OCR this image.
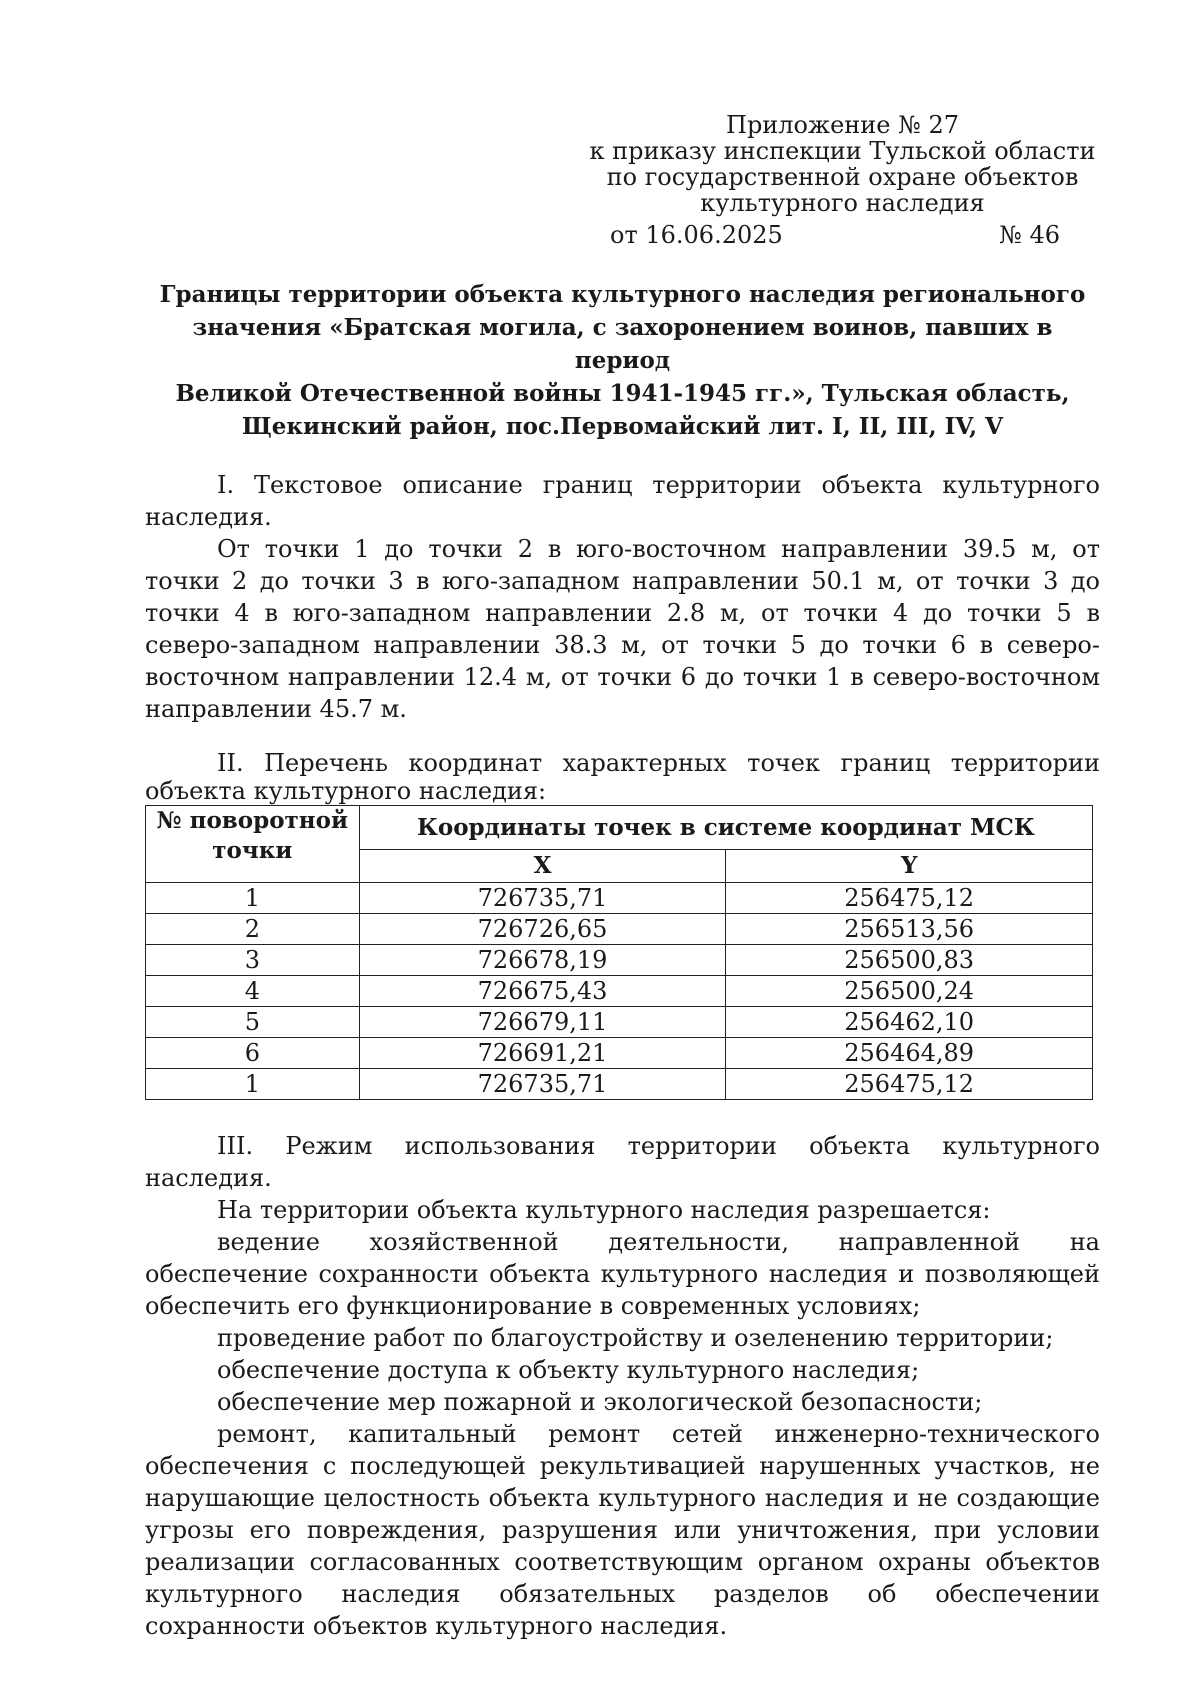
Приложение № 27
к приказу инспекции Тульской области
по государственной охране объектов
культурного наследия
от 16.06.2025	№ 46
Границы территории объекта культурного наследия регионального
значения «Братская могила, с захоронением воинов, павших в период
Великой Отечественной войны 1941-1945 гг.», Тульская область,
Щекинский район, пос.Первомайский лит. I, II, III, IV, V

I. Текстовое описание границ территории объекта культурного наследия.

От точки 1 до точки 2 в юго-восточном направлении 39.5 м, от точки 2 до точки 3 в юго-западном направлении 50.1 м, от точки 3 до точки 4 в юго-западном направлении 2.8 м, от точки 4 до точки 5 в северо-западном направлении 38.3 м, от точки 5 до точки 6 в северо-восточном направлении 12.4 м, от точки 6 до точки 1 в северо-восточном направлении 45.7 м.

II. Перечень координат характерных точек границ территории объекта культурного наследия:

№ поворотной точки	Координаты точек в системе координат МСК	
	X	Y
1	726735,71	256475,12
2	726726,65	256513,56
3	726678,19	256500,83
4	726675,43	256500,24
5	726679,11	256462,10
6	726691,21	256464,89
1	726735,71	256475,12

III. Режим использования территории объекта культурного наследия.

На территории объекта культурного наследия разрешается:

ведение хозяйственной деятельности, направленной на обеспечение сохранности объекта культурного наследия и позволяющей обеспечить его функционирование в современных условиях;

проведение работ по благоустройству и озеленению территории;

обеспечение доступа к объекту культурного наследия;

обеспечение мер пожарной и экологической безопасности;

ремонт, капитальный ремонт сетей инженерно-технического обеспечения с последующей рекультивацией нарушенных участков, не нарушающие целостность объекта культурного наследия и не создающие угрозы его повреждения, разрушения или уничтожения, при условии реализации согласованных соответствующим органом охраны объектов культурного наследия обязательных разделов об обеспечении сохранности объектов культурного наследия.
